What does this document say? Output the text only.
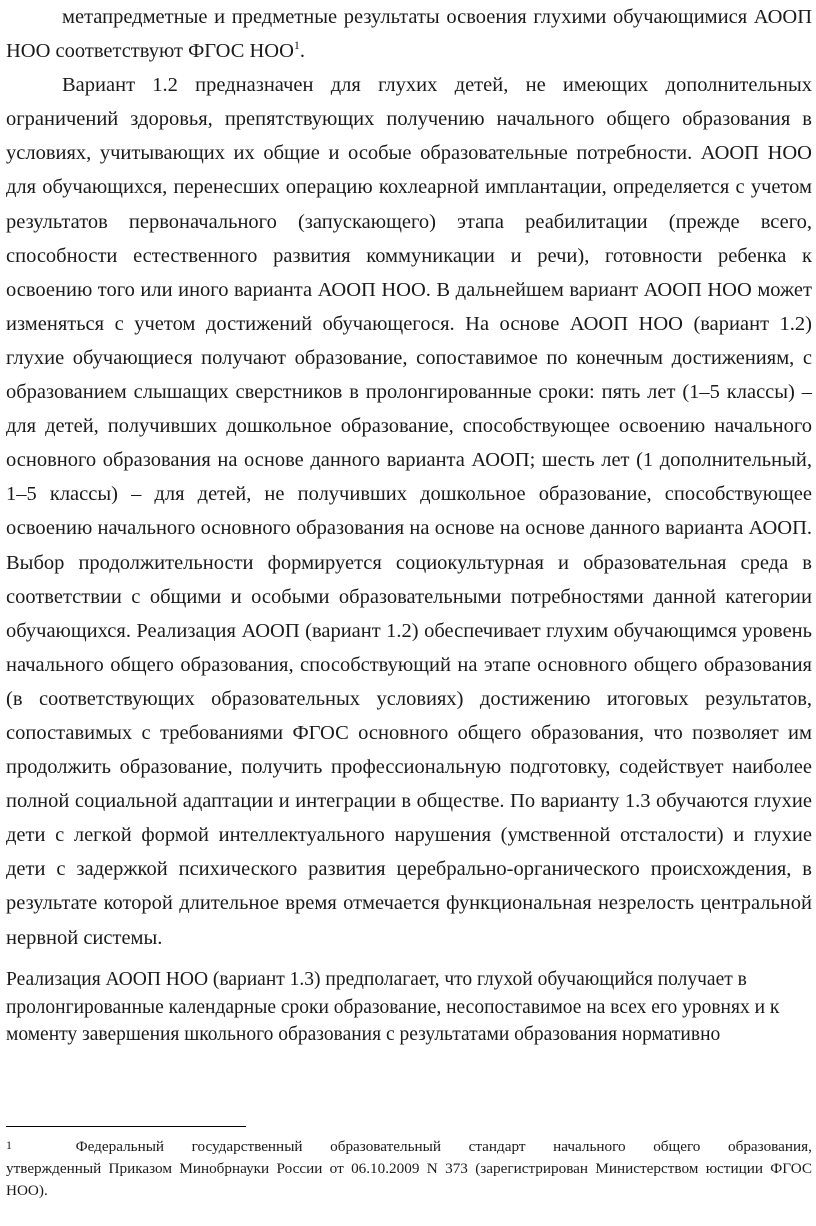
метапредметные и предметные результаты освоения глухими обучающимися АООП НОО соответствуют ФГОС НОО$^1$.

Вариант 1.2 предназначен для глухих детей, не имеющих дополнительных ограничений здоровья, препятствующих получению начального общего образования в условиях, учитывающих их общие и особые образовательные потребности. АООП НОО для обучающихся, перенесших операцию кохлеарной имплантации, определяется с учетом результатов первоначального (запускающего) этапа реабилитации (прежде всего, способности естественного развития коммуникации и речи), готовности ребенка к освоению того или иного варианта АООП НОО. В дальнейшем вариант АООП НОО может изменяться с учетом достижений обучающегося. На основе АООП НОО (вариант 1.2) глухие обучающиеся получают образование, сопоставимое по конечным достижениям, с образованием слышащих сверстников в пролонгированные сроки: пять лет (1–5 классы) – для детей, получивших дошкольное образование, способствующее освоению начального основного образования на основе данного варианта АООП; шесть лет (1 дополнительный, 1–5 классы) – для детей, не получивших дошкольное образование, способствующее освоению начального основного образования на основе на основе данного варианта АООП. Выбор продолжительности формируется социокультурная и образовательная среда в соответствии с общими и особыми образовательными потребностями данной категории обучающихся. Реализация АООП (вариант 1.2) обеспечивает глухим обучающимся уровень начального общего образования, способствующий на этапе основного общего образования (в соответствующих образовательных условиях) достижению итоговых результатов, сопоставимых с требованиями ФГОС основного общего образования, что позволяет им продолжить образование, получить профессиональную подготовку, содействует наиболее полной социальной адаптации и интеграции в обществе. По варианту 1.3 обучаются глухие дети с легкой формой интеллектуального нарушения (умственной отсталости) и глухие дети с задержкой психического развития церебрально-органического происхождения, в результате которой длительное время отмечается функциональная незрелость центральной нервной системы.

Реализация АООП НОО (вариант 1.3) предполагает, что глухой обучающийся получает в пролонгированные календарные сроки образование, несопоставимое на всех его уровнях и к моменту завершения школьного образования с результатами образования нормативно

1	Федеральный государственный образовательный стандарт начального общего образования,
утвержденный Приказом Минобрнауки России от 06.10.2009 N 373 (зарегистрирован Министерством юстиции ФГОС НОО).
